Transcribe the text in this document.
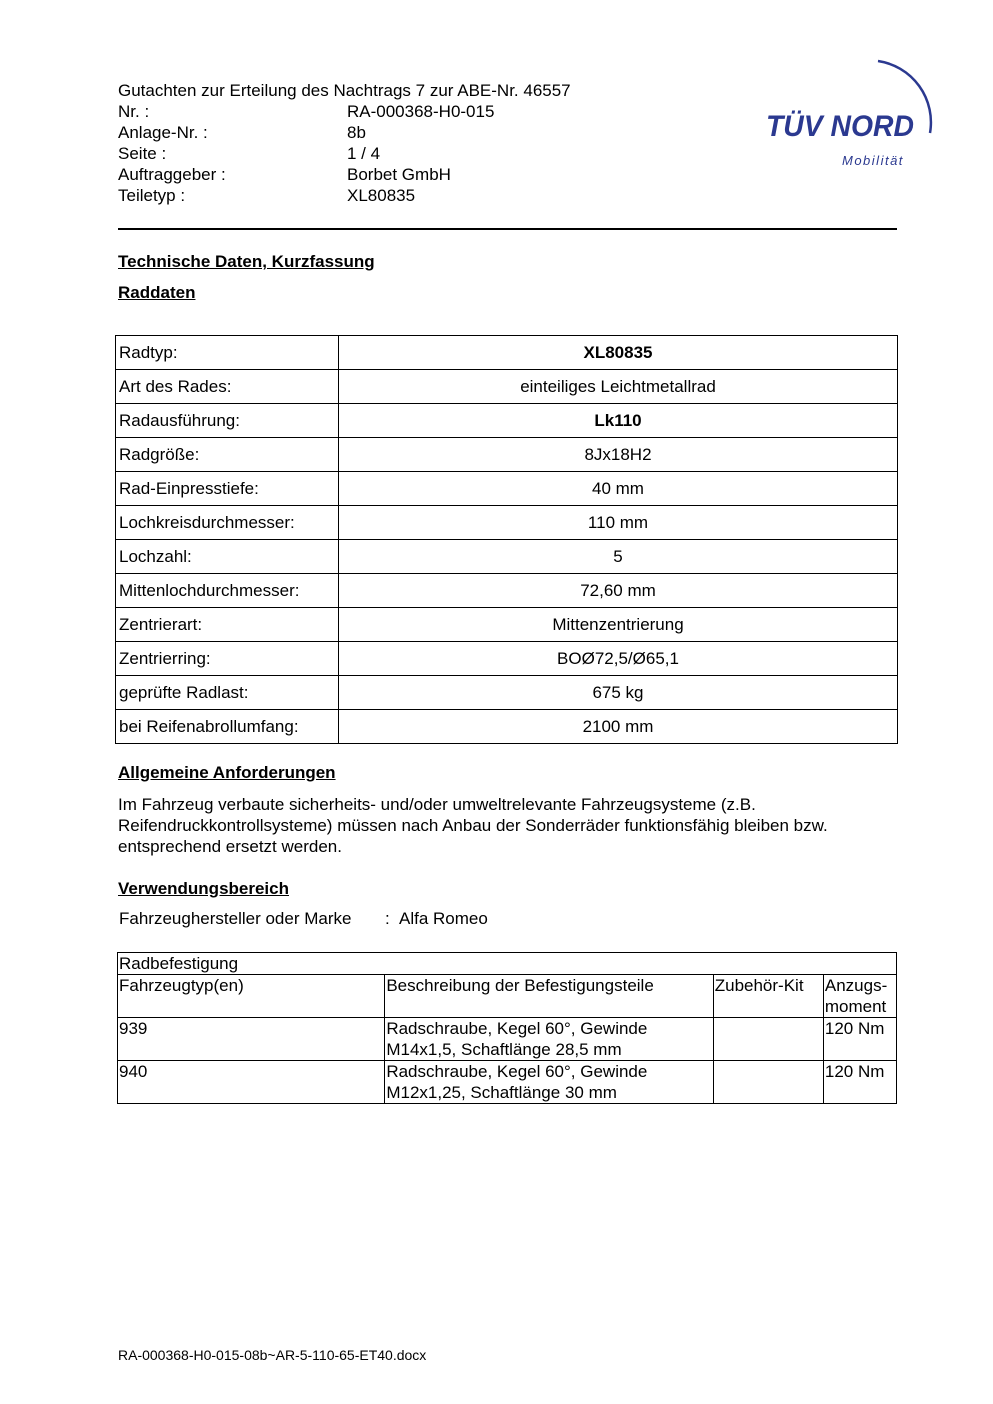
Gutachten zur Erteilung des Nachtrags 7 zur ABE-Nr. 46557
Nr. :	RA-000368-H0-015
Anlage-Nr. :	8b
Seite :	1 / 4
Auftraggeber :	Borbet GmbH
Teiletyp :	XL80835
TÜV NORD
Mobilität
Technische Daten, Kurzfassung
Raddaten
Radtyp:	XL80835
Art des Rades:	einteiliges Leichtmetallrad
Radausführung:	Lk110
Radgröße:	8Jx18H2
Rad-Einpresstiefe:	40 mm
Lochkreisdurchmesser:	110 mm
Lochzahl:	5
Mittenlochdurchmesser:	72,60 mm
Zentrierart:	Mittenzentrierung
Zentrierring:	BOØ72,5/Ø65,1
geprüfte Radlast:	675 kg
bei Reifenabrollumfang:	2100 mm
Allgemeine Anforderungen
Im Fahrzeug verbaute sicherheits- und/oder umweltrelevante Fahrzeugsysteme (z.B.
Reifendruckkontrollsysteme) müssen nach Anbau der Sonderräder funktionsfähig bleiben bzw.
entsprechend ersetzt werden.
Verwendungsbereich
Fahrzeughersteller oder Marke : Alfa Romeo
Radbefestigung			
Fahrzeugtyp(en)	Beschreibung der Befestigungsteile	Zubehör-Kit	Anzugs-
moment

939	Radschraube, Kegel 60°, Gewinde
M14x1,5, Schaftlänge 28,5 mm		120 Nm
940	Radschraube, Kegel 60°, Gewinde
M12x1,25, Schaftlänge 30 mm		120 Nm
RA-000368-H0-015-08b~AR-5-110-65-ET40.docx
